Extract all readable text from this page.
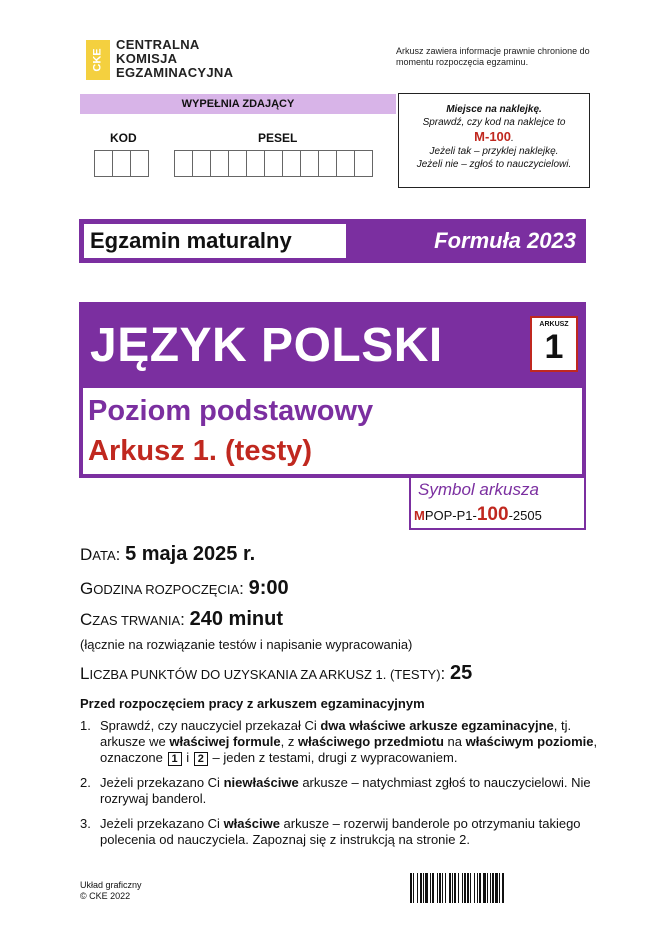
CKE
CENTRALNA
KOMISJA
EGZAMINACYJNA
Arkusz zawiera informacje prawnie chronione do momentu rozpoczęcia egzaminu.
WYPEŁNIA ZDAJĄCY
KOD	PESEL
Miejsce na naklejkę.
Sprawdź, czy kod na naklejce to
M-100.
Jeżeli tak – przyklej naklejkę.
Jeżeli nie – zgłoś to nauczycielowi.
Egzamin maturalny	Formuła 2023
JĘZYK POLSKI	ARKUSZ
1
Poziom podstawowy
Arkusz 1. (testy)
Symbol arkusza
MPOP-P1-100-2505
DATA: 5 maja 2025 r.
GODZINA ROZPOCZĘCIA: 9:00
CZAS TRWANIA: 240 minut
(łącznie na rozwiązanie testów i napisanie wypracowania)
LICZBA PUNKTÓW DO UZYSKANIA ZA ARKUSZ 1. (TESTY): 25
Przed rozpoczęciem pracy z arkuszem egzaminacyjnym
1. Sprawdź, czy nauczyciel przekazał Ci dwa właściwe arkusze egzaminacyjne, tj. arkusze we właściwej formule, z właściwego przedmiotu na właściwym poziomie, oznaczone 1 i 2 – jeden z testami, drugi z wypracowaniem.
2. Jeżeli przekazano Ci niewłaściwe arkusze – natychmiast zgłoś to nauczycielowi. Nie rozrywaj banderol.
3. Jeżeli przekazano Ci właściwe arkusze – rozerwij banderole po otrzymaniu takiego polecenia od nauczyciela. Zapoznaj się z instrukcją na stronie 2.
Układ graficzny
© CKE 2022
